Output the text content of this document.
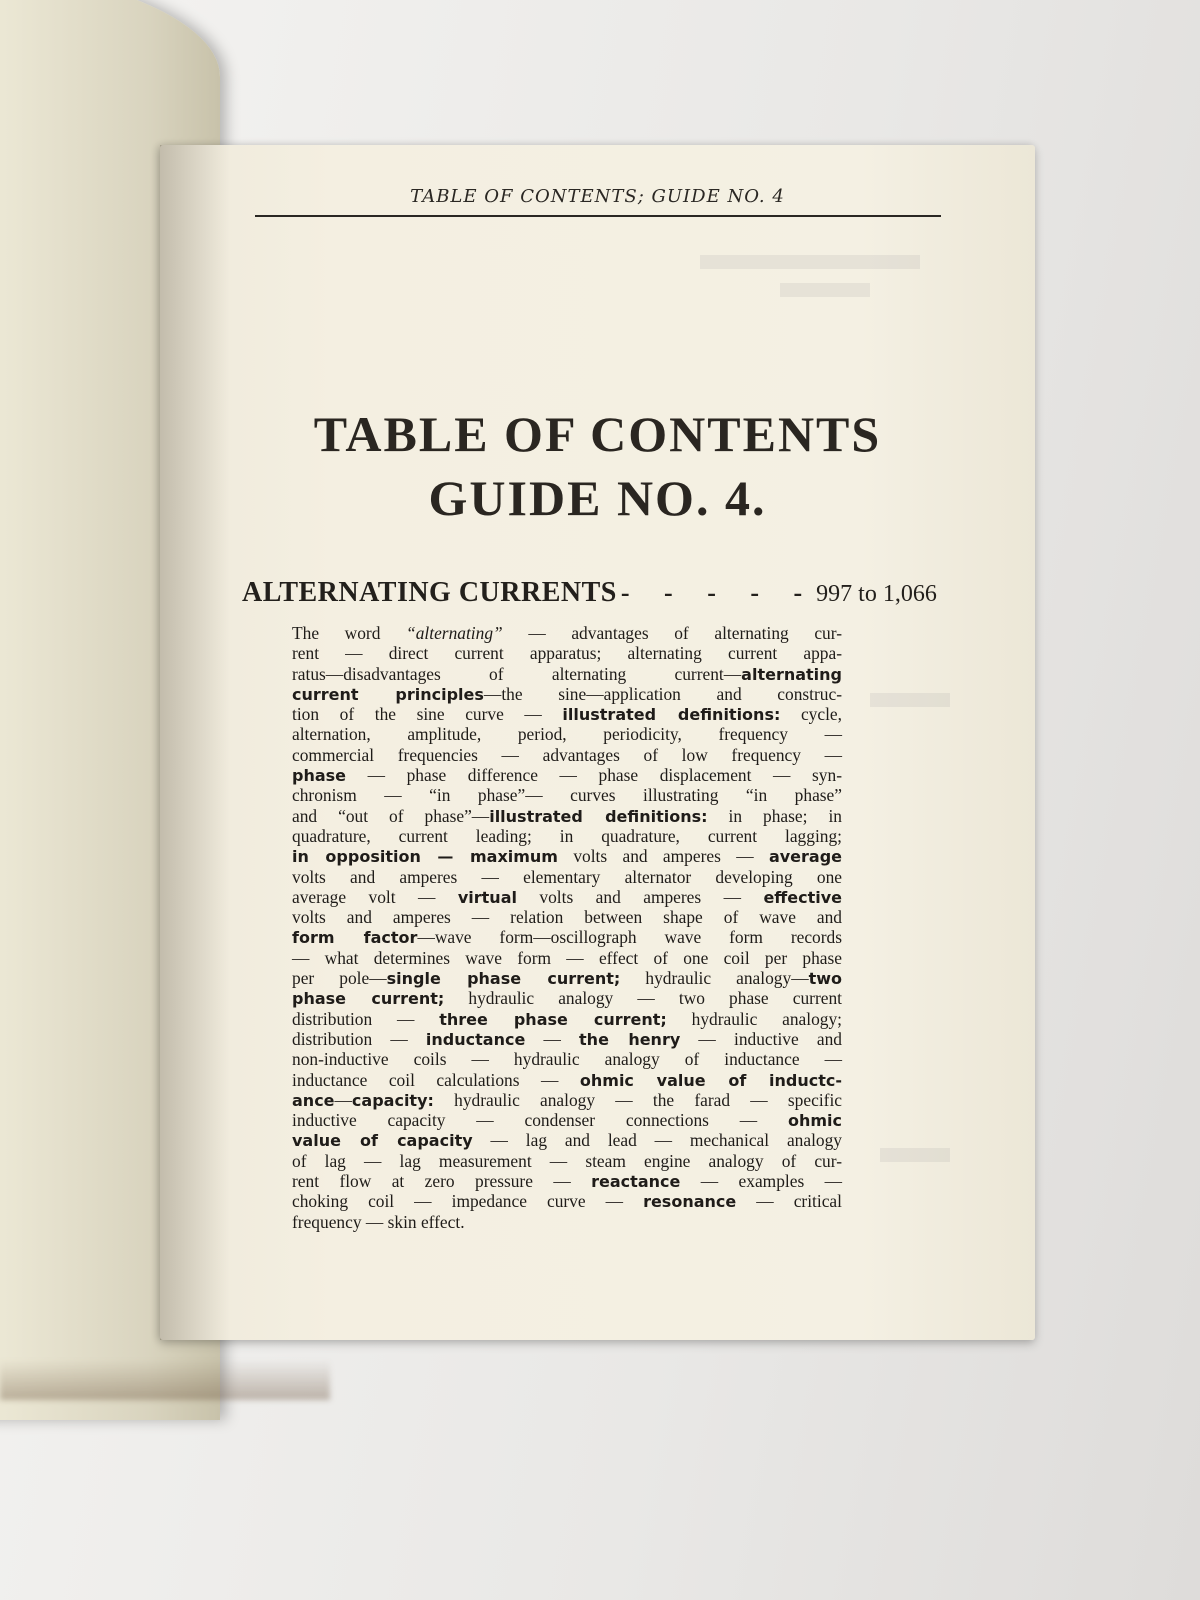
TABLE OF CONTENTS; GUIDE NO. 4
TABLE OF CONTENTS
GUIDE NO. 4.
ALTERNATING CURRENTS - - - - -997 to 1,066
The word “alternating” — advantages of alternating cur-
rent — direct current apparatus; alternating current appa-
ratus—disadvantages of alternating current—alternating
current principles—the sine—application and construc-
tion of the sine curve — illustrated definitions: cycle,
alternation, amplitude, period, periodicity, frequency —
commercial frequencies — advantages of low frequency —
phase — phase difference — phase displacement — syn-
chronism — “in phase”— curves illustrating “in phase”
and “out of phase”—illustrated definitions: in phase; in
quadrature, current leading; in quadrature, current lagging;
in opposition — maximum volts and amperes — average
volts and amperes — elementary alternator developing one
average volt — virtual volts and amperes — effective
volts and amperes — relation between shape of wave and
form factor—wave form—oscillograph wave form records
— what determines wave form — effect of one coil per phase
per pole—single phase current; hydraulic analogy—two
phase current; hydraulic analogy — two phase current
distribution — three phase current; hydraulic analogy;
distribution — inductance — the henry — inductive and
non-inductive coils — hydraulic analogy of inductance —
inductance coil calculations — ohmic value of inductc-
ance—capacity: hydraulic analogy — the farad — specific
inductive capacity — condenser connections — ohmic
value of capacity — lag and lead — mechanical analogy
of lag — lag measurement — steam engine analogy of cur-
rent flow at zero pressure — reactance — examples —
choking coil — impedance curve — resonance — critical
frequency — skin effect.
